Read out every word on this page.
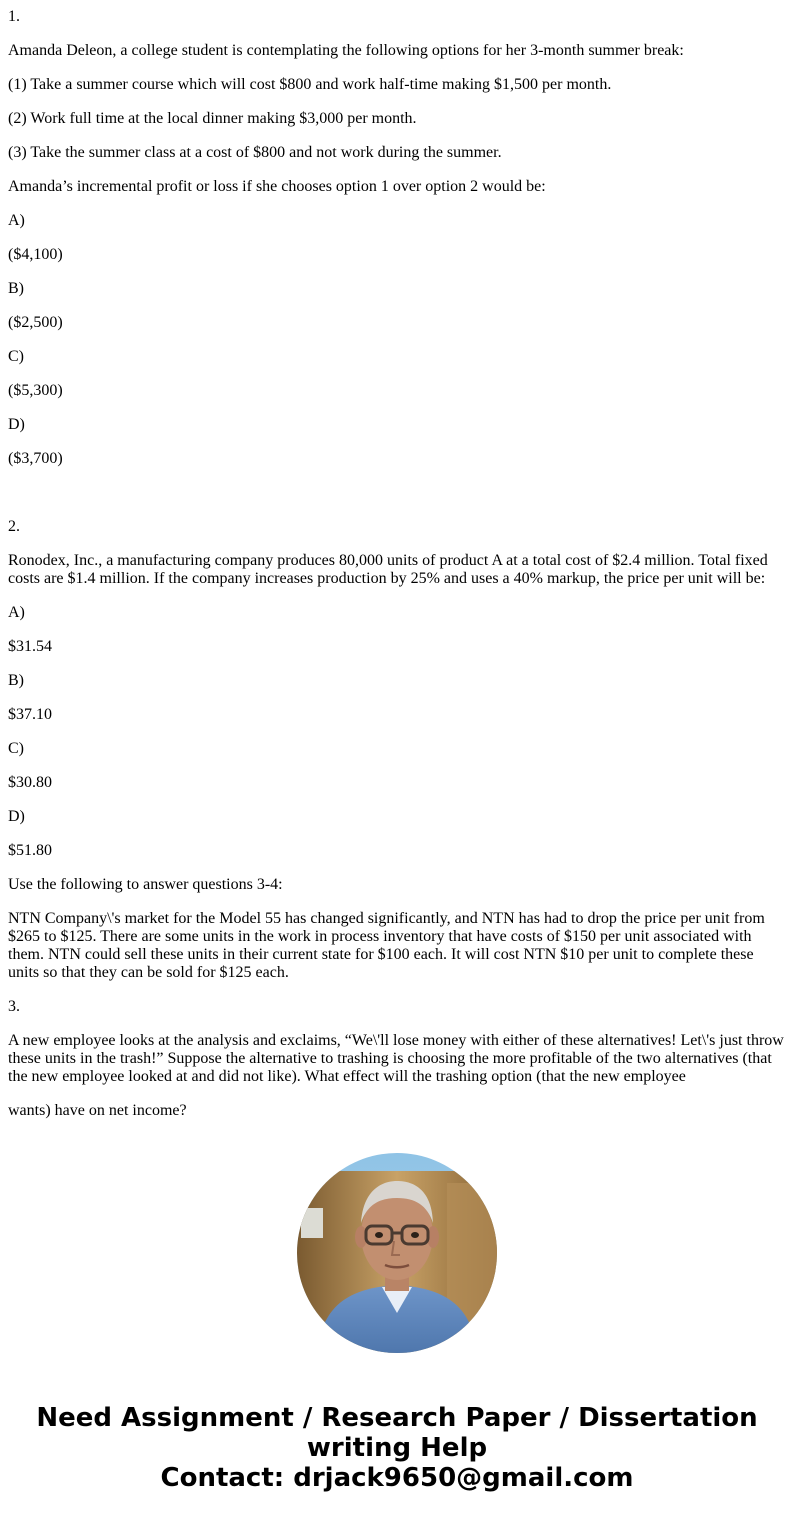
1.

Amanda Deleon, a college student is contemplating the following options for her 3-month summer break:

(1) Take a summer course which will cost $800 and work half-time making $1,500 per month.

(2) Work full time at the local dinner making $3,000 per month.

(3) Take the summer class at a cost of $800 and not work during the summer.

Amanda’s incremental profit or loss if she chooses option 1 over option 2 would be:

A)

($4,100)

B)

($2,500)

C)

($5,300)

D)

($3,700)

2.

Ronodex, Inc., a manufacturing company produces 80,000 units of product A at a total cost of $2.4 million. Total fixed costs are $1.4 million. If the company increases production by 25% and uses a 40% markup, the price per unit will be:

A)

$31.54

B)

$37.10

C)

$30.80

D)

$51.80

Use the following to answer questions 3-4:

NTN Company\'s market for the Model 55 has changed significantly, and NTN has had to drop the price per unit from $265 to $125. There are some units in the work in process inventory that have costs of $150 per unit associated with them. NTN could sell these units in their current state for $100 each. It will cost NTN $10 per unit to complete these units so that they can be sold for $125 each.

3.

A new employee looks at the analysis and exclaims, “We\'ll lose money with either of these alternatives! Let\'s just throw these units in the trash!” Suppose the alternative to trashing is choosing the more profitable of the two alternatives (that the new employee looked at and did not like). What effect will the trashing option (that the new employee

wants) have on net income?

Need Assignment / Research Paper / Dissertation
writing Help
Contact: drjack9650@gmail.com
